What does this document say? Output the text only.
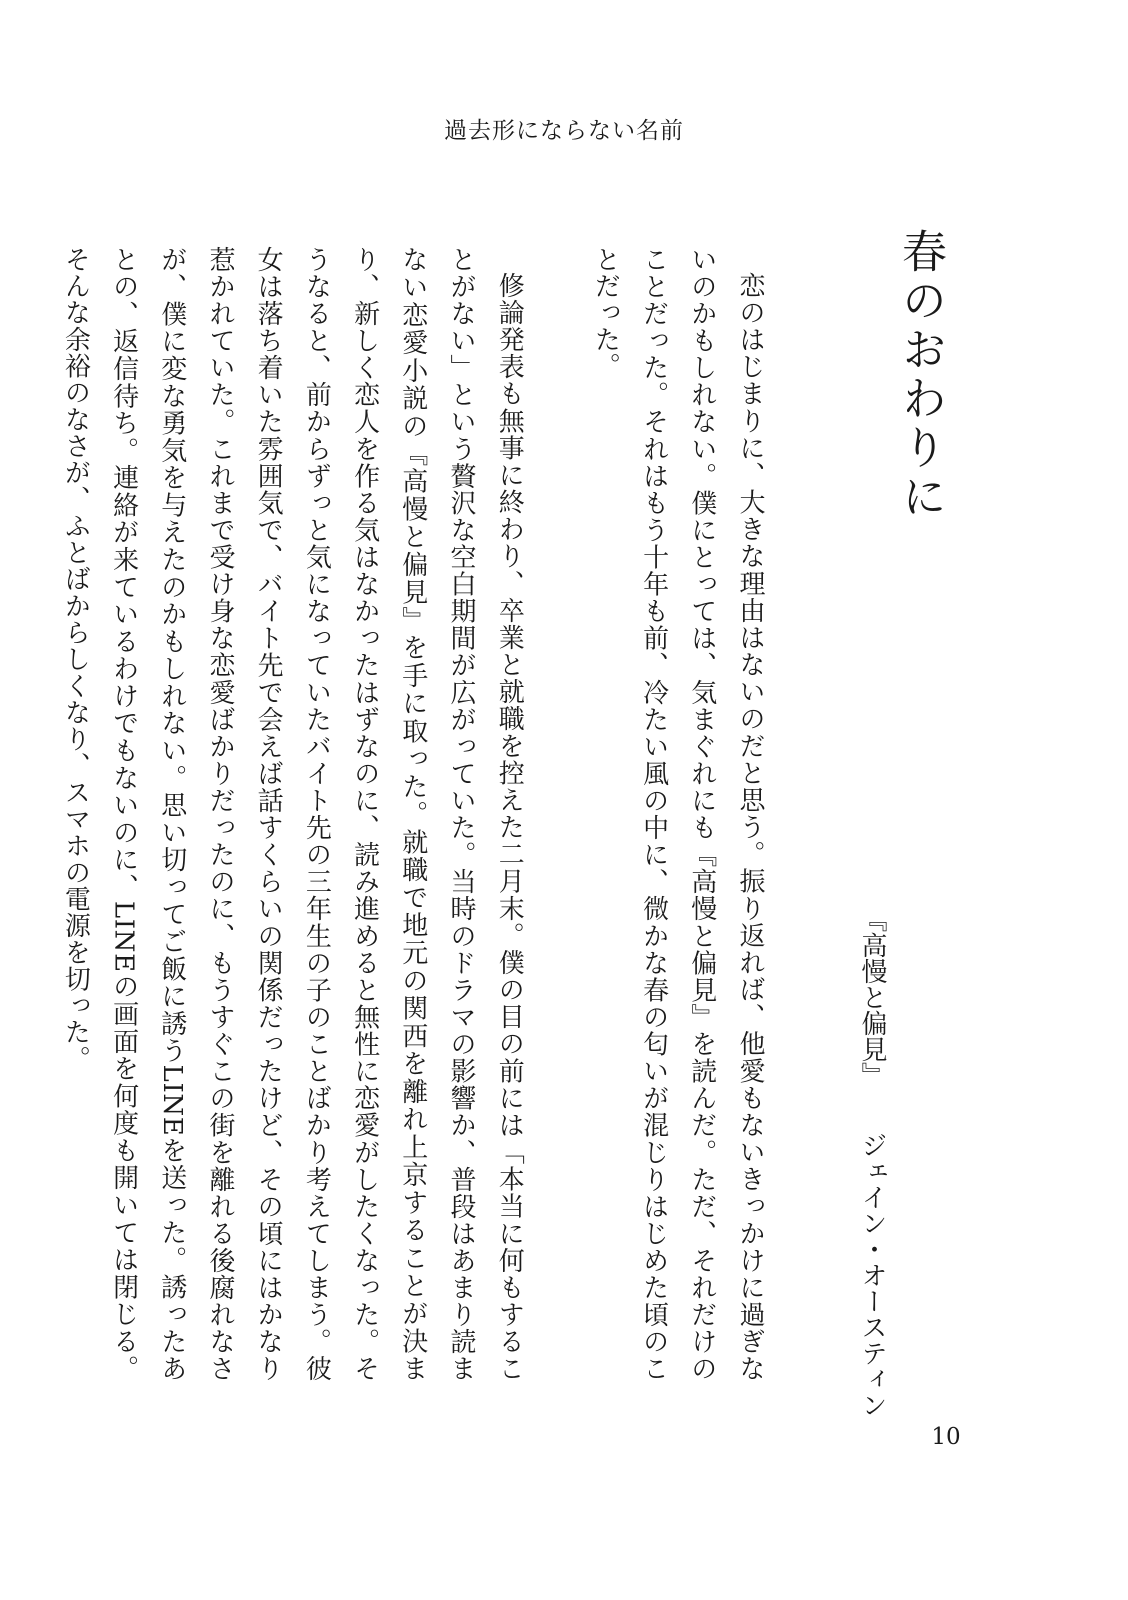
過去形にならない名前
春のおわりに
『高慢と偏見』ジェイン・オースティン

恋のはじまりに、大きな理由はないのだと思う。振り返れば、他愛もないきっかけに過ぎないのかもしれない。僕にとっては、気まぐれにも『高慢と偏見』を読んだ。ただ、それだけのことだった。それはもう十年も前、冷たい風の中に、微かな春の匂いが混じりはじめた頃のことだった。

修論発表も無事に終わり、卒業と就職を控えた二月末。僕の目の前には「本当に何もすることがない」という贅沢な空白期間が広がっていた。当時のドラマの影響か、普段はあまり読まない恋愛小説の『高慢と偏見』を手に取った。就職で地元の関西を離れ上京することが決まり、新しく恋人を作る気はなかったはずなのに、読み進めると無性に恋愛がしたくなった。そうなると、前からずっと気になっていたバイト先の三年生の子のことばかり考えてしまう。彼女は落ち着いた雰囲気で、バイト先で会えば話すくらいの関係だったけど、その頃にはかなり惹かれていた。これまで受け身な恋愛ばかりだったのに、もうすぐこの街を離れる後腐れなさが、僕に変な勇気を与えたのかもしれない。思い切ってご飯に誘うLINEを送った。誘ったあとの、返信待ち。連絡が来ているわけでもないのに、LINEの画面を何度も開いては閉じる。そんな余裕のなさが、ふとばからしくなり、スマホの電源を切った。

10
